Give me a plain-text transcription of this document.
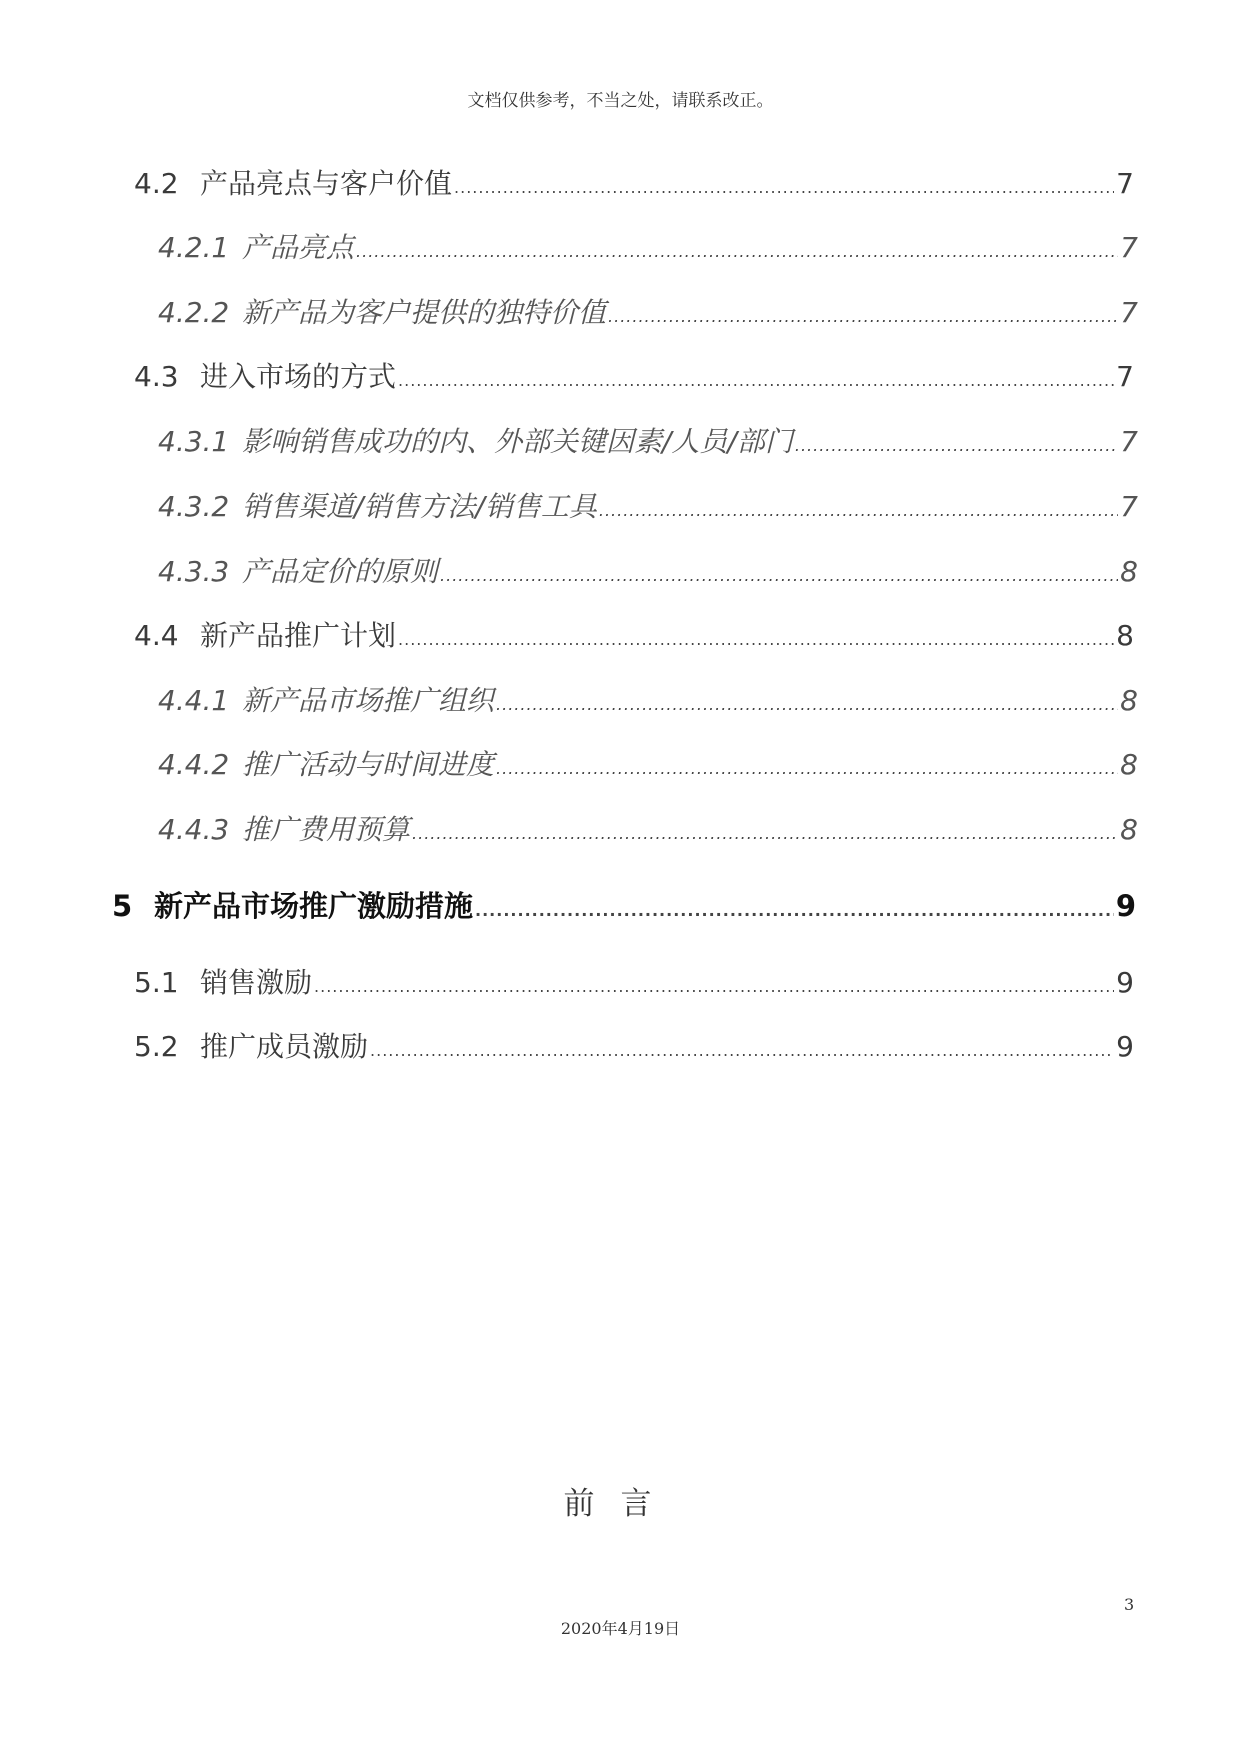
文档仅供参考，不当之处，请联系改正。
4.2 产品亮点与客户价值 .....	7
4.2.1 产品亮点 .....	7
4.2.2 新产品为客户提供的独特价值 .....	7
4.3 进入市场的方式 .....	7
4.3.1 影响销售成功的内、外部关键因素/人员/部门 .....	7
4.3.2 销售渠道/销售方法/销售工具 .....	7
4.3.3 产品定价的原则 .....	8
4.4 新产品推广计划 .....	8
4.4.1 新产品市场推广组织 .....	8
4.4.2 推广活动与时间进度 .....	8
4.4.3 推广费用预算 .....	8
5 新产品市场推广激励措施 .....	9
5.1 销售激励 .....	9
5.2 推广成员激励 .....	9
前言
3
2020年4月19日
